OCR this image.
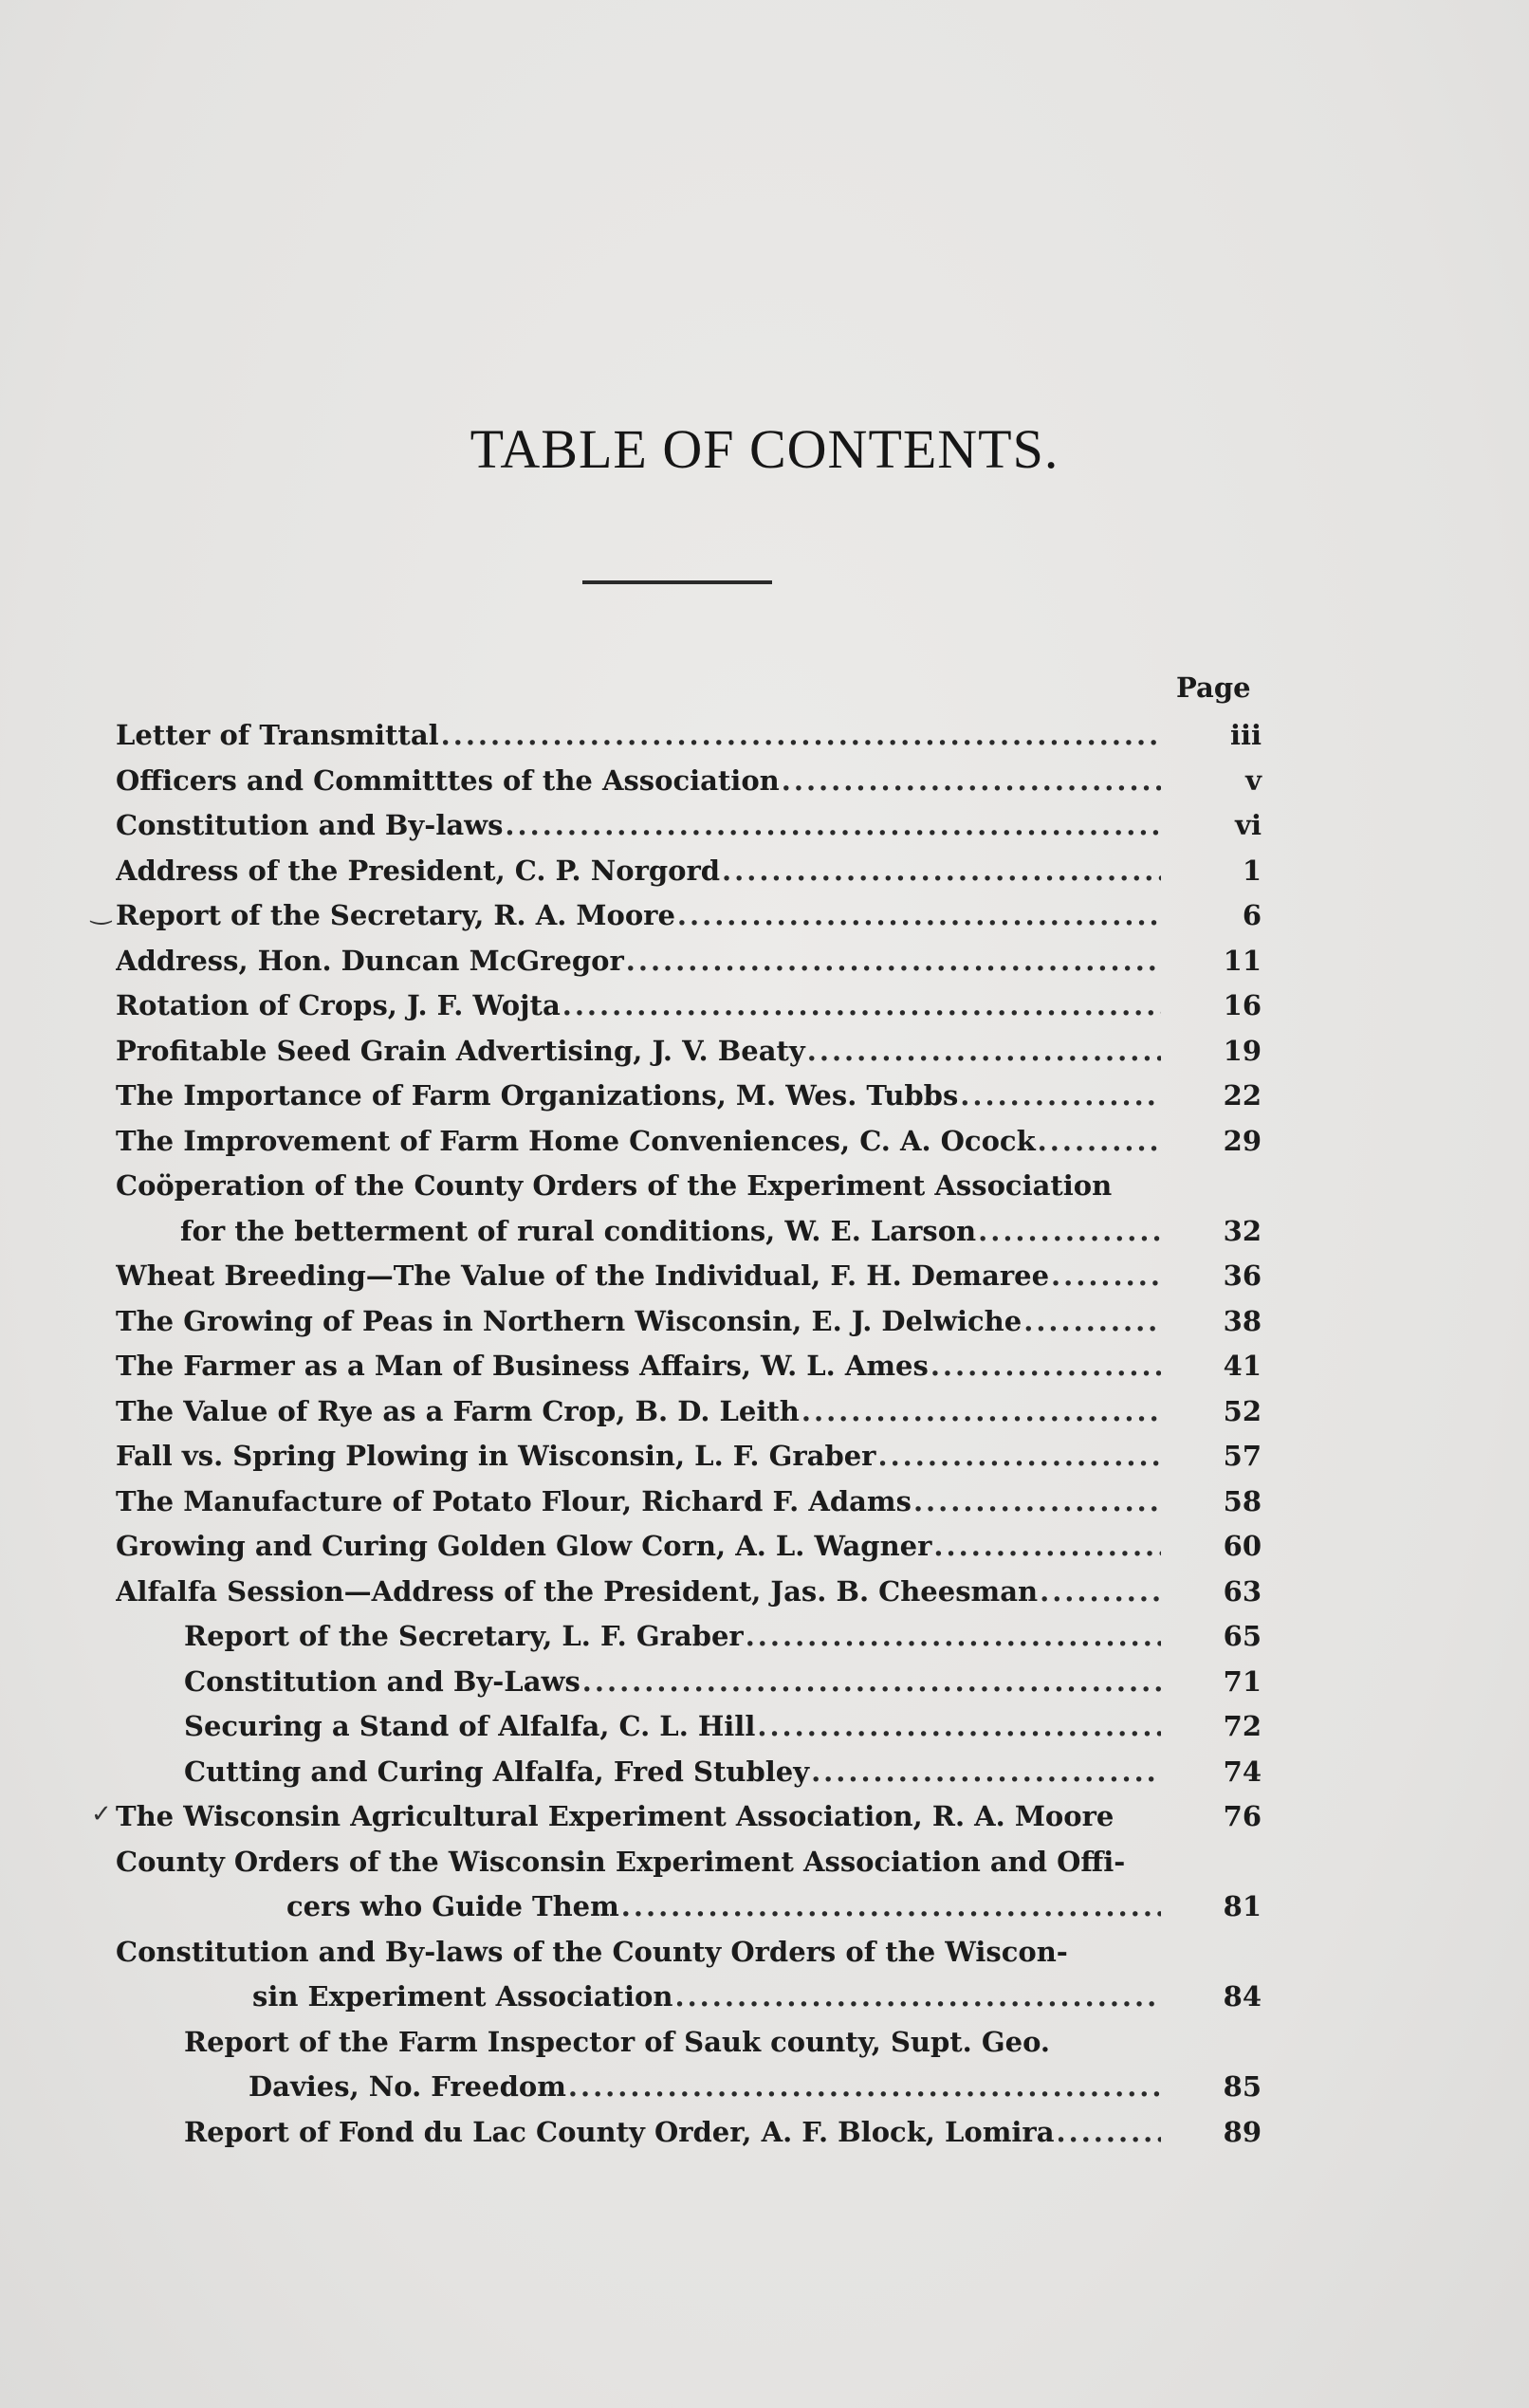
TABLE OF CONTENTS.
Page
‿
✓
Letter of Transmittal .....	iii
Officers and Committtes of the Association .....	v
Constitution and By-laws .....	vi
Address of the President, C. P. Norgord .....	1
Report of the Secretary, R. A. Moore .....	6
Address, Hon. Duncan McGregor .....	11
Rotation of Crops, J. F. Wojta .....	16
Profitable Seed Grain Advertising, J. V. Beaty .....	19
The Importance of Farm Organizations, M. Wes. Tubbs .....	22
The Improvement of Farm Home Conveniences, C. A. Ocock .....	29
Coöperation of the County Orders of the Experiment Association
for the betterment of rural conditions, W. E. Larson .....	32
Wheat Breeding—The Value of the Individual, F. H. Demaree .....	36
The Growing of Peas in Northern Wisconsin, E. J. Delwiche .....	38
The Farmer as a Man of Business Affairs, W. L. Ames .....	41
The Value of Rye as a Farm Crop, B. D. Leith .....	52
Fall vs. Spring Plowing in Wisconsin, L. F. Graber .....	57
The Manufacture of Potato Flour, Richard F. Adams .....	58
Growing and Curing Golden Glow Corn, A. L. Wagner .....	60
Alfalfa Session—Address of the President, Jas. B. Cheesman .....	63
Report of the Secretary, L. F. Graber .....	65
Constitution and By-Laws .....	71
Securing a Stand of Alfalfa, C. L. Hill .....	72
Cutting and Curing Alfalfa, Fred Stubley .....	74
The Wisconsin Agricultural Experiment Association, R. A. Moore	76
County Orders of the Wisconsin Experiment Association and Offi-
cers who Guide Them .....	81
Constitution and By-laws of the County Orders of the Wiscon-
sin Experiment Association .....	84
Report of the Farm Inspector of Sauk county, Supt. Geo.
Davies, No. Freedom .....	85
Report of Fond du Lac County Order, A. F. Block, Lomira .....	89
